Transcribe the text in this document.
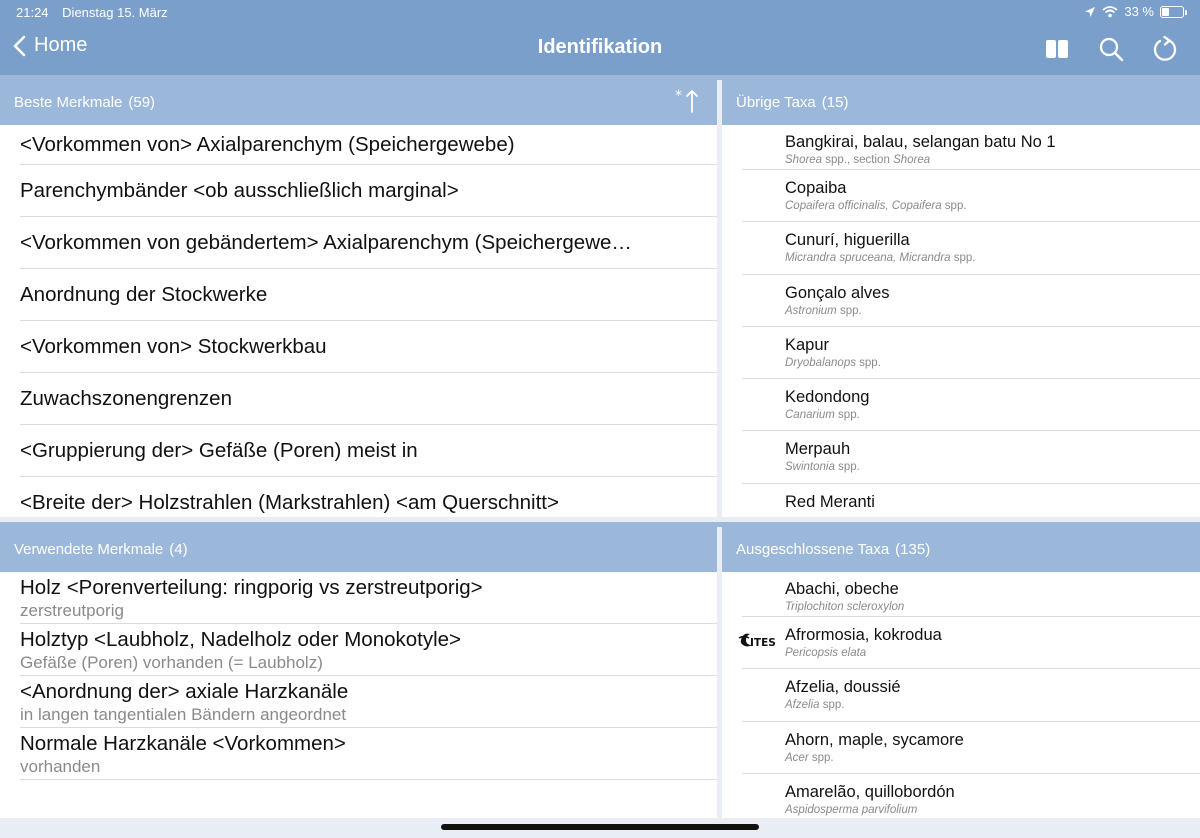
21:24 Dienstag 15. März	33 %
Home	Identifikation
Beste Merkmale (59)	*
<Vorkommen von> Axialparenchym (Speichergewebe)
Parenchymbänder <ob ausschließlich marginal>
<Vorkommen von gebändertem> Axialparenchym (Speichergewe…
Anordnung der Stockwerke
<Vorkommen von> Stockwerkbau
Zuwachszonengrenzen
<Gruppierung der> Gefäße (Poren) meist in
<Breite der> Holzstrahlen (Markstrahlen) <am Querschnitt>
Übrige Taxa (15)
Bangkirai, balau, selangan batu No 1
Shorea spp., section Shorea
Copaiba
Copaifera officinalis, Copaifera spp.
Cunurí, higuerilla
Micrandra spruceana, Micrandra spp.
Gonçalo alves
Astronium spp.
Kapur
Dryobalanops spp.
Kedondong
Canarium spp.
Merpauh
Swintonia spp.
Red Meranti
Verwendete Merkmale (4)
Holz <Porenverteilung: ringporig vs zerstreutporig>
zerstreutporig
Holztyp <Laubholz, Nadelholz oder Monokotyle>
Gefäße (Poren) vorhanden (= Laubholz)
<Anordnung der> axiale Harzkanäle
in langen tangentialen Bändern angeordnet
Normale Harzkanäle <Vorkommen>
vorhanden
Ausgeschlossene Taxa (135)
Abachi, obeche
Triplochiton scleroxylon
ITES Afrormosia, kokrodua
Pericopsis elata
Afzelia, doussié
Afzelia spp.
Ahorn, maple, sycamore
Acer spp.
Amarelão, quillobordón
Aspidosperma parvifolium
